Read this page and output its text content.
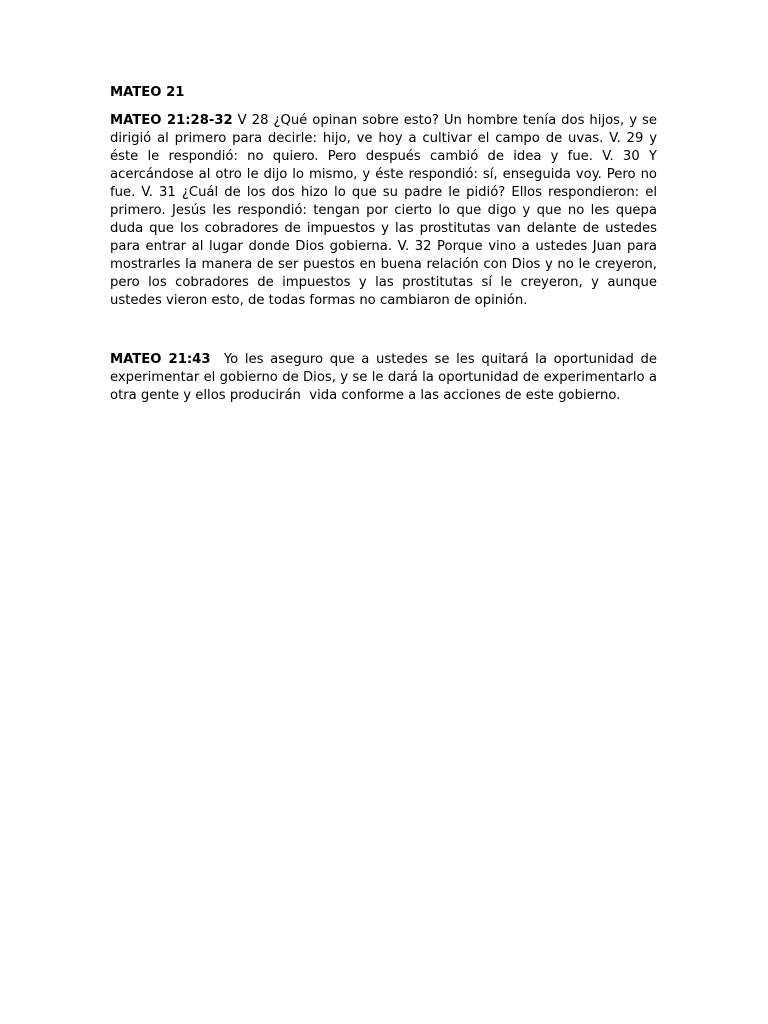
MATEO 21

MATEO 21:28-32 V 28 ¿Qué opinan sobre esto? Un hombre tenía dos hijos, y se dirigió al primero para decirle: hijo, ve hoy a cultivar el campo de uvas. V. 29 y éste le respondió: no quiero. Pero después cambió de idea y fue. V. 30 Y acercándose al otro le dijo lo mismo, y éste respondió: sí, enseguida voy. Pero no fue. V. 31 ¿Cuál de los dos hizo lo que su padre le pidió? Ellos respondieron: el primero. Jesús les respondió: tengan por cierto lo que digo y que no les quepa duda que los cobradores de impuestos y las prostitutas van delante de ustedes para entrar al lugar donde Dios gobierna. V. 32 Porque vino a ustedes Juan para mostrarles la manera de ser puestos en buena relación con Dios y no le creyeron, pero los cobradores de impuestos y las prostitutas sí le creyeron, y aunque ustedes vieron esto, de todas formas no cambiaron de opinión.

MATEO 21:43  Yo les aseguro que a ustedes se les quitará la oportunidad de experimentar el gobierno de Dios, y se le dará la oportunidad de experimentarlo a otra gente y ellos producirán  vida conforme a las acciones de este gobierno.
